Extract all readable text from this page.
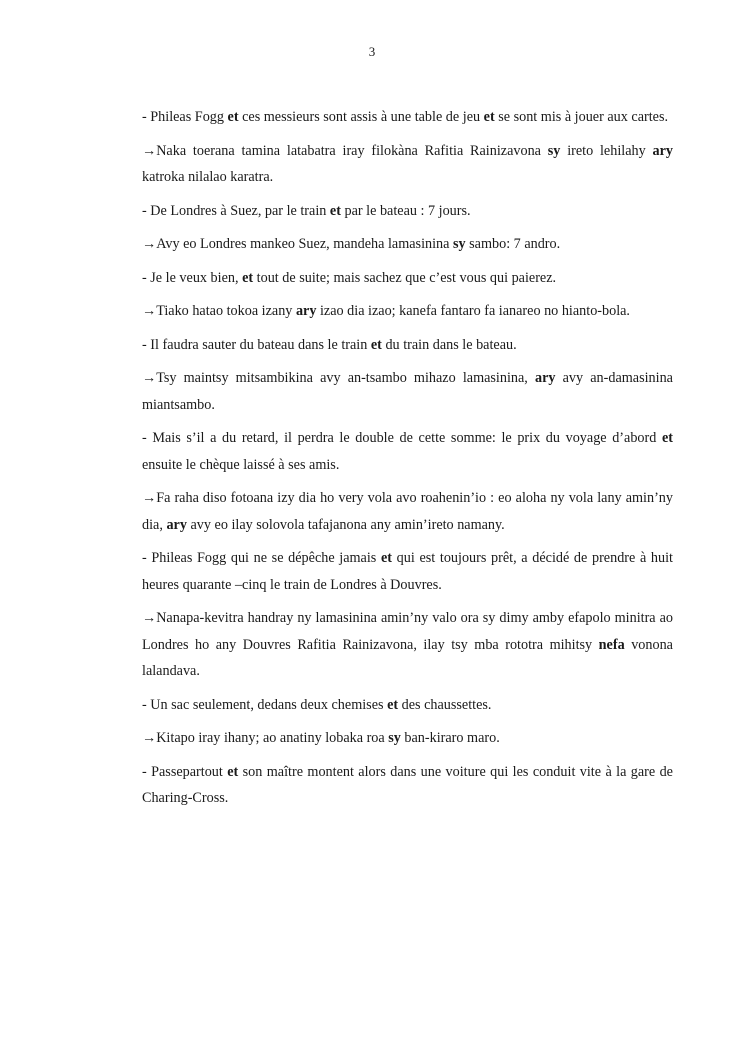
3

- Phileas Fogg et ces messieurs sont assis à une table de jeu et se sont mis à jouer aux cartes.

→Naka toerana tamina latabatra iray filokàna Rafitia Rainizavona sy ireto lehilahy ary katroka nilalao karatra.

- De Londres à Suez, par le train et par le bateau : 7 jours.

→Avy eo Londres mankeo Suez, mandeha lamasinina sy sambo: 7 andro.

- Je le veux bien, et tout de suite; mais sachez que c’est vous qui paierez.

→Tiako hatao tokoa izany ary izao dia izao; kanefa fantaro fa ianareo no hianto-bola.

- Il faudra sauter du bateau dans le train et du train dans le bateau.

→Tsy maintsy mitsambikina avy an-tsambo mihazo lamasinina, ary avy an-damasinina miantsambo.

- Mais s’il a du retard, il perdra le double de cette somme: le prix du voyage d’abord et ensuite le chèque laissé à ses amis.

→Fa raha diso fotoana izy dia ho very vola avo roahenin’io : eo aloha ny vola lany amin’ny dia, ary avy eo ilay solovola tafajanona any amin’ireto namany.

- Phileas Fogg qui ne se dépêche jamais et qui est toujours prêt, a décidé de prendre à huit heures quarante –cinq le train de Londres à Douvres.

→Nanapa-kevitra handray ny lamasinina amin’ny valo ora sy dimy amby efapolo minitra ao Londres ho any Douvres Rafitia Rainizavona, ilay tsy mba rototra mihitsy nefa vonona lalandava.

- Un sac seulement, dedans deux chemises et des chaussettes.

→Kitapo iray ihany; ao anatiny lobaka roa sy ban-kiraro maro.

- Passepartout et son maître montent alors dans une voiture qui les conduit vite à la gare de Charing-Cross.
